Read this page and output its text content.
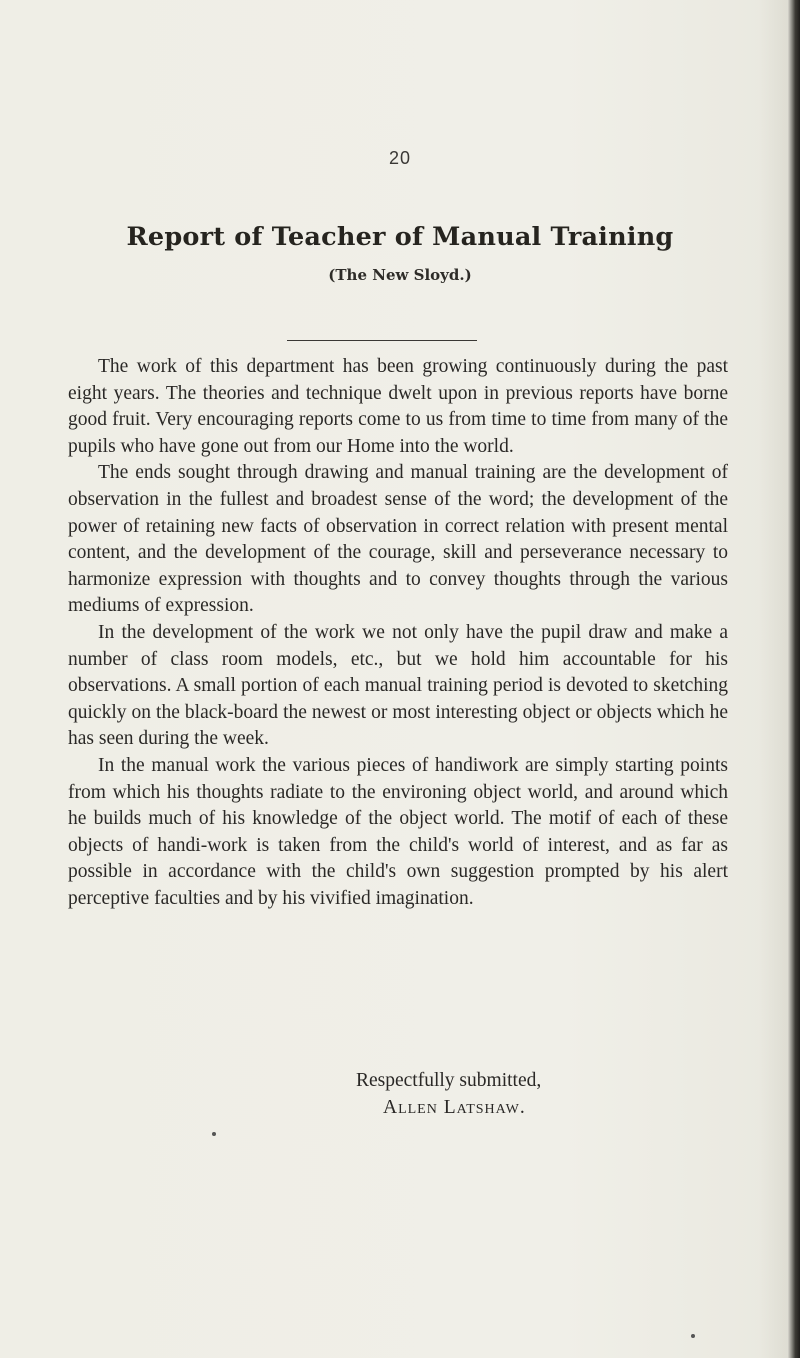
20
Report of Teacher of Manual Training
(The New Sloyd.)

The work of this department has been growing continuously during the past eight years. The theories and technique dwelt upon in previous reports have borne good fruit. Very encouraging reports come to us from time to time from many of the pupils who have gone out from our Home into the world.

The ends sought through drawing and manual training are the development of observation in the fullest and broadest sense of the word; the development of the power of retaining new facts of observation in correct relation with present mental content, and the development of the courage, skill and perseverance necessary to harmonize expression with thoughts and to convey thoughts through the various mediums of expression.

In the development of the work we not only have the pupil draw and make a number of class room models, etc., but we hold him accountable for his observations. A small portion of each manual training period is devoted to sketching quickly on the black-board the newest or most interesting object or objects which he has seen during the week.

In the manual work the various pieces of handiwork are simply starting points from which his thoughts radiate to the environing object world, and around which he builds much of his knowledge of the object world. The motif of each of these objects of handi-work is taken from the child's world of interest, and as far as possible in accordance with the child's own suggestion prompted by his alert perceptive faculties and by his vivified imagination.

Respectfully submitted,
Allen Latshaw.
